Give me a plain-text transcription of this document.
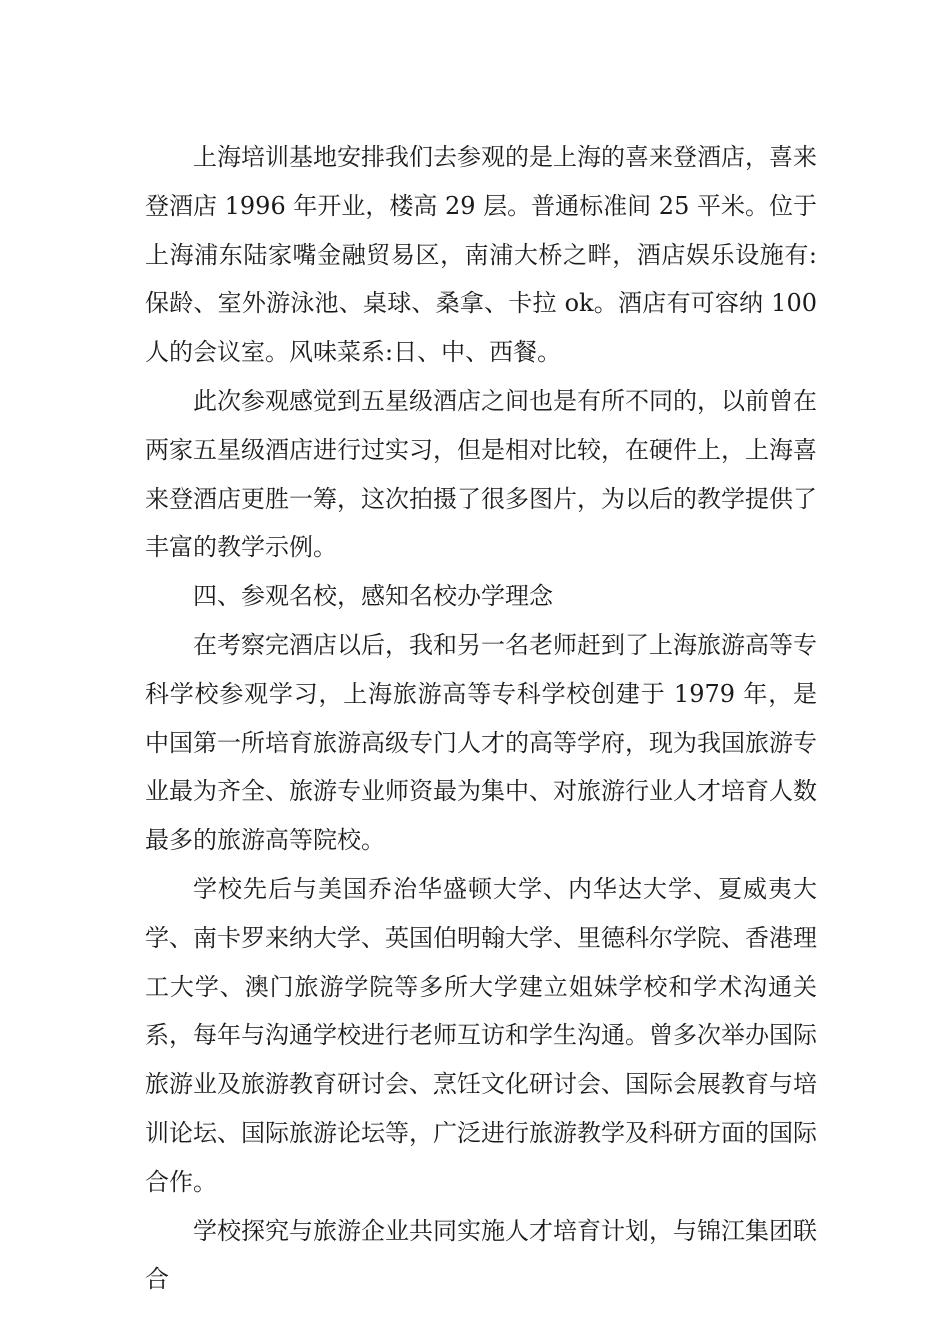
上海培训基地安排我们去参观的是上海的喜来登酒店，喜来登酒店 1996 年开业，楼高 29 层。普通标准间 25 平米。位于上海浦东陆家嘴金融贸易区，南浦大桥之畔，酒店娱乐设施有:保龄、室外游泳池、桌球、桑拿、卡拉 ok。酒店有可容纳 100 人的会议室。风味菜系:日、中、西餐。

此次参观感觉到五星级酒店之间也是有所不同的，以前曾在两家五星级酒店进行过实习，但是相对比较，在硬件上，上海喜来登酒店更胜一筹，这次拍摄了很多图片，为以后的教学提供了丰富的教学示例。

四、参观名校，感知名校办学理念

在考察完酒店以后，我和另一名老师赶到了上海旅游高等专科学校参观学习，上海旅游高等专科学校创建于 1979 年，是中国第一所培育旅游高级专门人才的高等学府，现为我国旅游专业最为齐全、旅游专业师资最为集中、对旅游行业人才培育人数最多的旅游高等院校。

学校先后与美国乔治华盛顿大学、内华达大学、夏威夷大学、南卡罗来纳大学、英国伯明翰大学、里德科尔学院、香港理工大学、澳门旅游学院等多所大学建立姐妹学校和学术沟通关系，每年与沟通学校进行老师互访和学生沟通。曾多次举办国际旅游业及旅游教育研讨会、烹饪文化研讨会、国际会展教育与培训论坛、国际旅游论坛等，广泛进行旅游教学及科研方面的国际合作。

学校探究与旅游企业共同实施人才培育计划，与锦江集团联合
